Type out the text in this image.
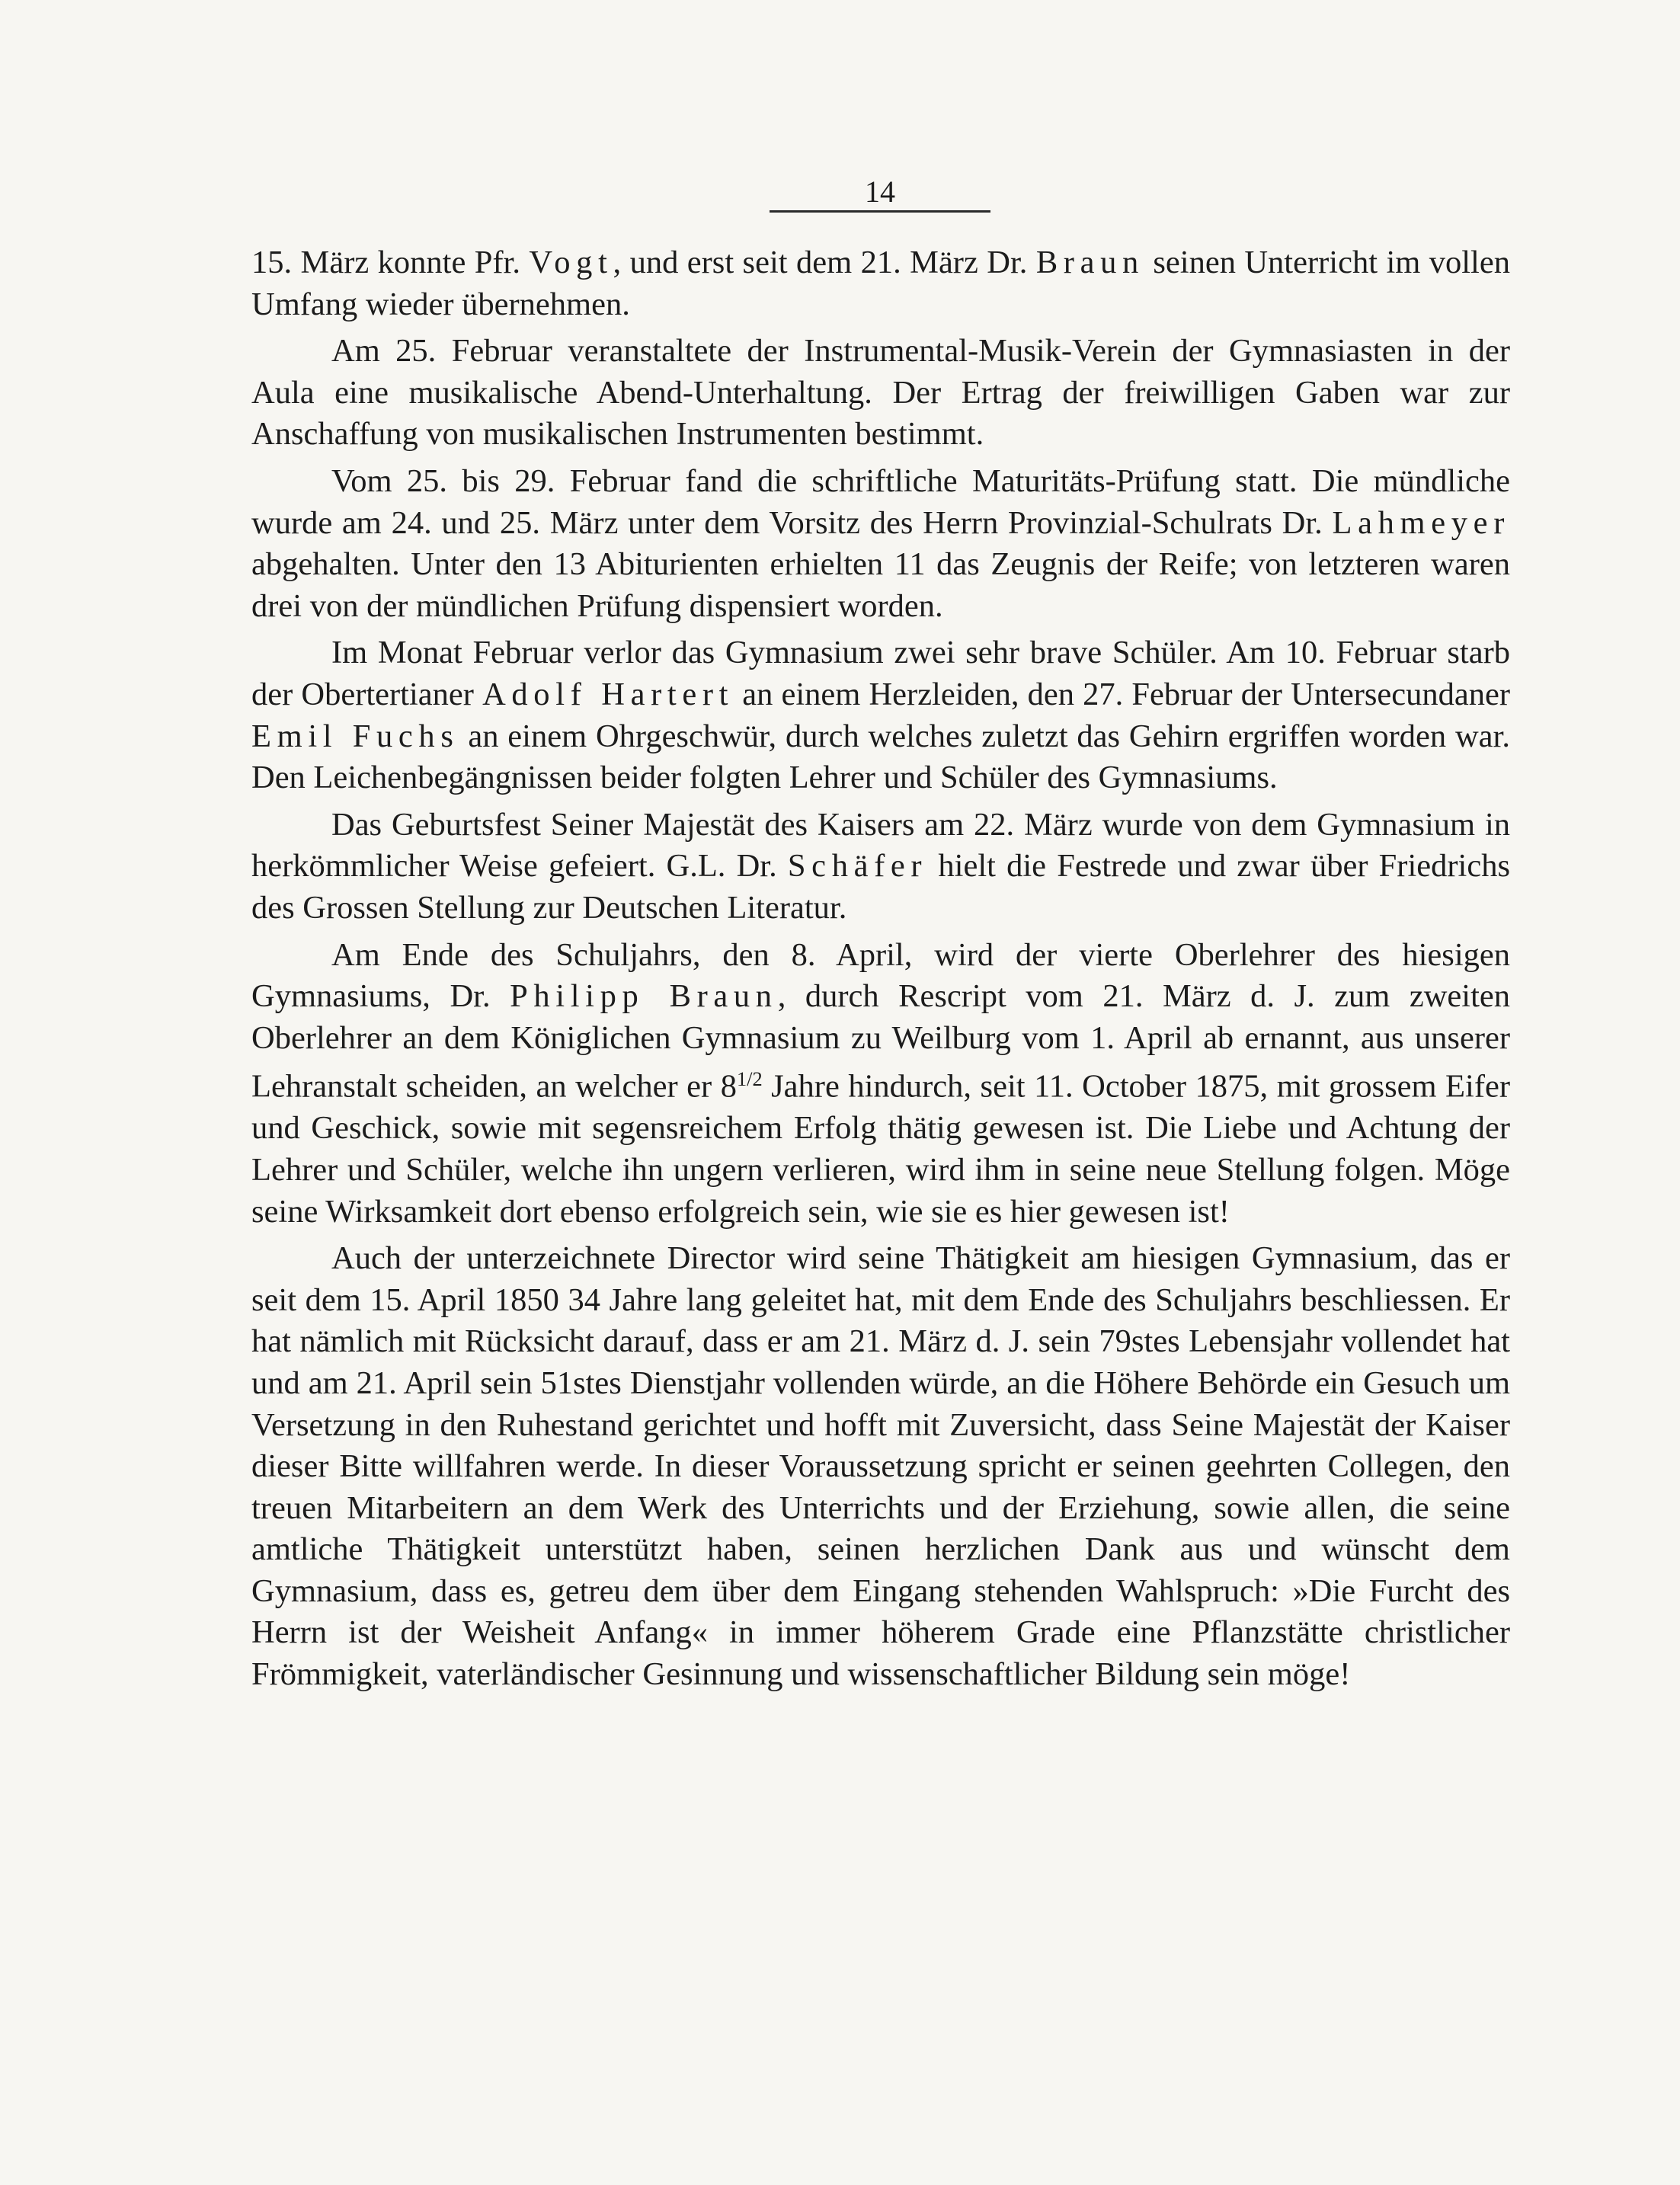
14

15. März konnte Pfr. Vogt, und erst seit dem 21. März Dr. Braun seinen Unterricht im vollen Umfang wieder übernehmen.

Am 25. Februar veranstaltete der Instrumental-Musik-Verein der Gymnasiasten in der Aula eine musikalische Abend-Unterhaltung. Der Ertrag der freiwilligen Gaben war zur Anschaffung von musikalischen Instrumenten bestimmt.

Vom 25. bis 29. Februar fand die schriftliche Maturitäts-Prüfung statt. Die mündliche wurde am 24. und 25. März unter dem Vorsitz des Herrn Provinzial-Schulrats Dr. Lahmeyer abgehalten. Unter den 13 Abiturienten erhielten 11 das Zeugnis der Reife; von letzteren waren drei von der mündlichen Prüfung dispensiert worden.

Im Monat Februar verlor das Gymnasium zwei sehr brave Schüler. Am 10. Februar starb der Obertertianer Adolf Hartert an einem Herzleiden, den 27. Februar der Untersecundaner Emil Fuchs an einem Ohrgeschwür, durch welches zuletzt das Gehirn ergriffen worden war. Den Leichenbegängnissen beider folgten Lehrer und Schüler des Gymnasiums.

Das Geburtsfest Seiner Majestät des Kaisers am 22. März wurde von dem Gymnasium in herkömmlicher Weise gefeiert. G.L. Dr. Schäfer hielt die Festrede und zwar über Friedrichs des Grossen Stellung zur Deutschen Literatur.

Am Ende des Schuljahrs, den 8. April, wird der vierte Oberlehrer des hiesigen Gymnasiums, Dr. Philipp Braun, durch Rescript vom 21. März d. J. zum zweiten Oberlehrer an dem Königlichen Gymnasium zu Weilburg vom 1. April ab ernannt, aus unserer Lehranstalt scheiden, an welcher er $8^{1/2}$ Jahre hindurch, seit 11. October 1875, mit grossem Eifer und Geschick, sowie mit segensreichem Erfolg thätig gewesen ist. Die Liebe und Achtung der Lehrer und Schüler, welche ihn ungern verlieren, wird ihm in seine neue Stellung folgen. Möge seine Wirksamkeit dort ebenso erfolgreich sein, wie sie es hier gewesen ist!

Auch der unterzeichnete Director wird seine Thätigkeit am hiesigen Gymnasium, das er seit dem 15. April 1850 34 Jahre lang geleitet hat, mit dem Ende des Schuljahrs beschliessen. Er hat nämlich mit Rücksicht darauf, dass er am 21. März d. J. sein 79stes Lebensjahr vollendet hat und am 21. April sein 51stes Dienstjahr vollenden würde, an die Höhere Behörde ein Gesuch um Versetzung in den Ruhestand gerichtet und hofft mit Zuversicht, dass Seine Majestät der Kaiser dieser Bitte willfahren werde. In dieser Voraussetzung spricht er seinen geehrten Collegen, den treuen Mitarbeitern an dem Werk des Unterrichts und der Erziehung, sowie allen, die seine amtliche Thätigkeit unterstützt haben, seinen herzlichen Dank aus und wünscht dem Gymnasium, dass es, getreu dem über dem Eingang stehenden Wahlspruch: »Die Furcht des Herrn ist der Weisheit Anfang« in immer höherem Grade eine Pflanzstätte christlicher Frömmigkeit, vaterländischer Gesinnung und wissenschaftlicher Bildung sein möge!
